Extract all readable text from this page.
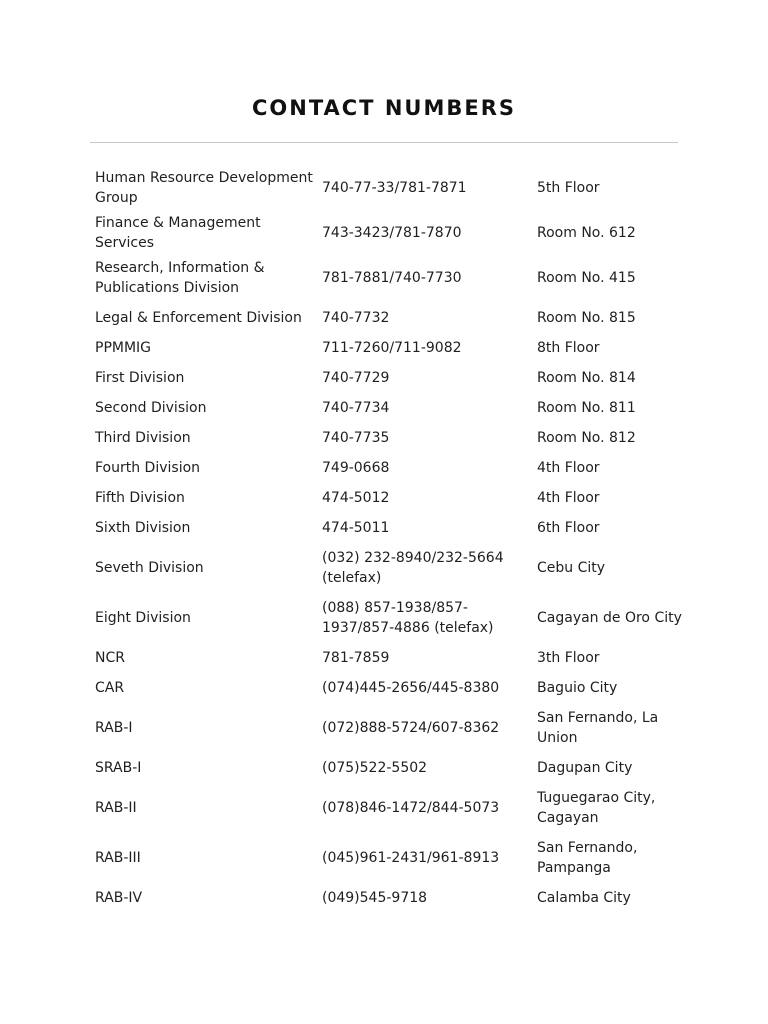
CONTACT NUMBERS
Human Resource Development Group	740-77-33/781-7871	5th Floor
Finance & Management Services	743-3423/781-7870	Room No. 612
Research, Information & Publications Division	781-7881/740-7730	Room No. 415
Legal & Enforcement Division	740-7732	Room No. 815
PPMMIG	711-7260/711-9082	8th Floor
First Division	740-7729	Room No. 814
Second Division	740-7734	Room No. 811
Third Division	740-7735	Room No. 812
Fourth Division	749-0668	4th Floor
Fifth Division	474-5012	4th Floor
Sixth Division	474-5011	6th Floor
Seveth Division	(032) 232-8940/232-5664 (telefax)	Cebu City
Eight Division	(088) 857-1938/857-1937/857-4886 (telefax)	Cagayan de Oro City
NCR	781-7859	3th Floor
CAR	(074)445-2656/445-8380	Baguio City
RAB-I	(072)888-5724/607-8362	San Fernando, La Union
SRAB-I	(075)522-5502	Dagupan City
RAB-II	(078)846-1472/844-5073	Tuguegarao City, Cagayan
RAB-III	(045)961-2431/961-8913	San Fernando, Pampanga
RAB-IV	(049)545-9718	Calamba City
